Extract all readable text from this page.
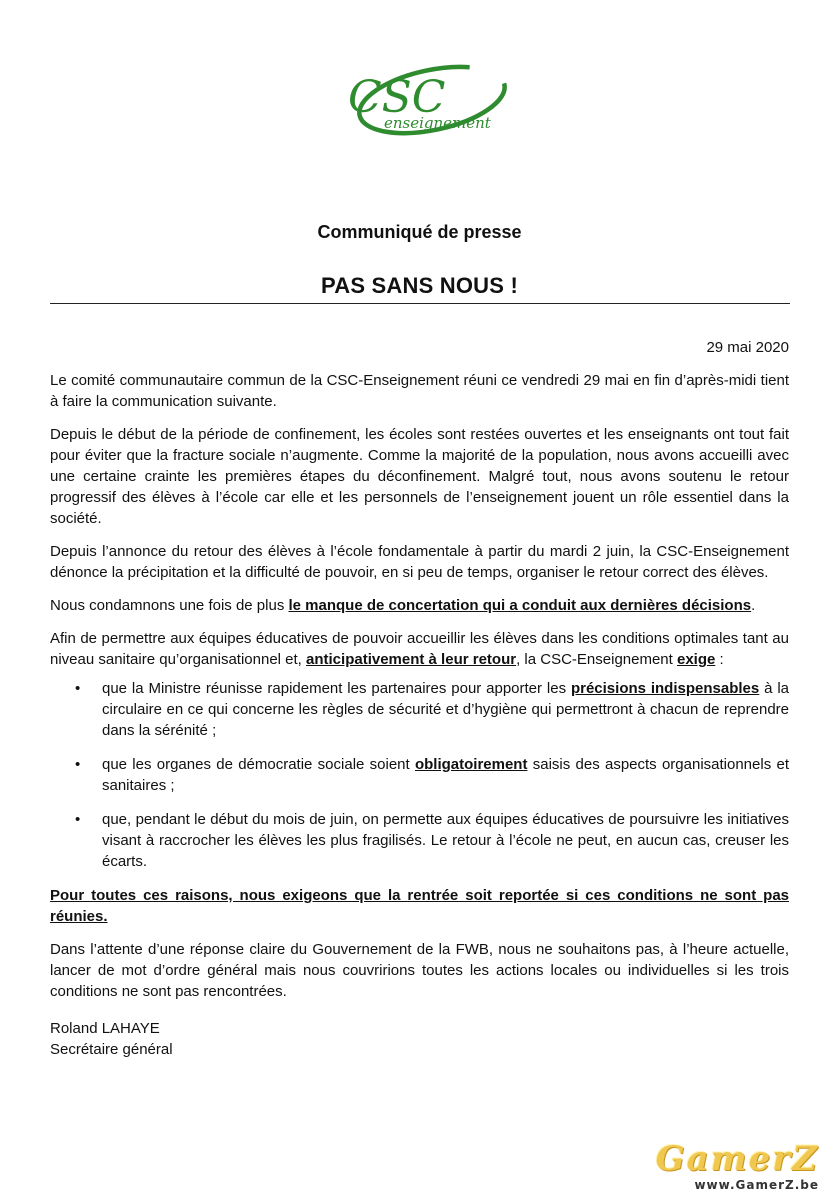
CSC
enseignement
Communiqué de presse
PAS SANS NOUS !
29 mai 2020

Le comité communautaire commun de la CSC-Enseignement réuni ce vendredi 29 mai en fin d’après-midi tient à faire la communication suivante.

Depuis le début de la période de confinement, les écoles sont restées ouvertes et les enseignants ont tout fait pour éviter que la fracture sociale n’augmente. Comme la majorité de la population, nous avons accueilli avec une certaine crainte les premières étapes du déconfinement. Malgré tout, nous avons soutenu le retour progressif des élèves à l’école car elle et les personnels de l’enseignement jouent un rôle essentiel dans la société.

Depuis l’annonce du retour des élèves à l’école fondamentale à partir du mardi 2 juin, la CSC-Enseignement dénonce la précipitation et la difficulté de pouvoir, en si peu de temps, organiser le retour correct des élèves.

Nous condamnons une fois de plus le manque de concertation qui a conduit aux dernières décisions.

Afin de permettre aux équipes éducatives de pouvoir accueillir les élèves dans les conditions optimales tant au niveau sanitaire qu’organisationnel et, anticipativement à leur retour, la CSC-Enseignement exige :

• que la Ministre réunisse rapidement les partenaires pour apporter les précisions indispensables à la circulaire en ce qui concerne les règles de sécurité et d’hygiène qui permettront à chacun de reprendre dans la sérénité ;
• que les organes de démocratie sociale soient obligatoirement saisis des aspects organisationnels et sanitaires ;
• que, pendant le début du mois de juin, on permette aux équipes éducatives de poursuivre les initiatives visant à raccrocher les élèves les plus fragilisés. Le retour à l’école ne peut, en aucun cas, creuser les écarts.

Pour toutes ces raisons, nous exigeons que la rentrée soit reportée si ces conditions ne sont pas réunies.

Dans l’attente d’une réponse claire du Gouvernement de la FWB, nous ne souhaitons pas, à l’heure actuelle, lancer de mot d’ordre général mais nous couvririons toutes les actions locales ou individuelles si les trois conditions ne sont pas rencontrées.

Roland LAHAYE
Secrétaire général
GamerZ
www.GamerZ.be
